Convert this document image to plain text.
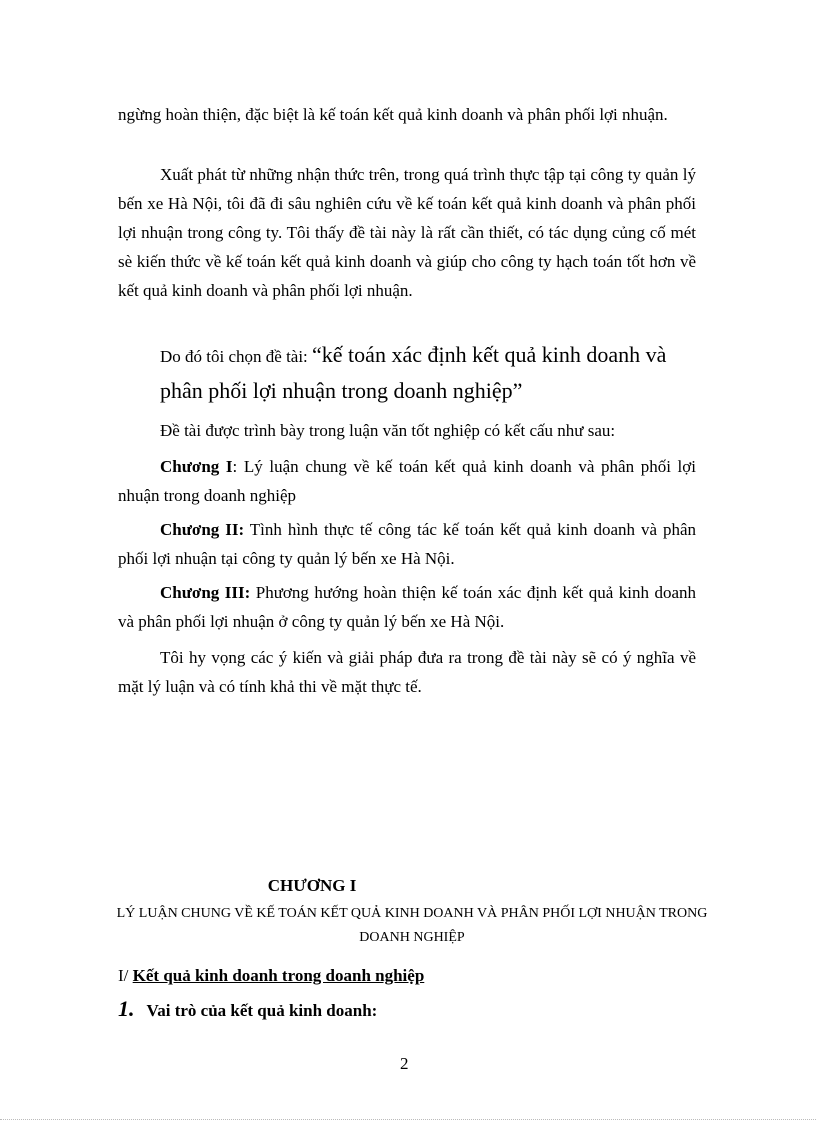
ngừng hoàn thiện, đặc biệt là kế toán kết quả kinh doanh và phân phối lợi nhuận.

Xuất phát từ những nhận thức trên, trong quá trình thực tập tại công ty quản lý bến xe Hà Nội, tôi đã đi sâu nghiên cứu về kế toán kết quả kinh doanh và phân phối lợi nhuận trong công ty. Tôi thấy đề tài này là rất cần thiết, có tác dụng củng cố mét sè kiến thức về kế toán kết quả kinh doanh và giúp cho công ty hạch toán tốt hơn về kết quả kinh doanh và phân phối lợi nhuận.

Do đó tôi chọn đề tài: “kế toán xác định kết quả kinh doanh và phân phối lợi nhuận trong doanh nghiệp”

Đề tài được trình bày trong luận văn tốt nghiệp có kết cấu như sau:

Chương I: Lý luận chung về kế toán kết quả kinh doanh và phân phối lợi nhuận trong doanh nghiệp

Chương II: Tình hình thực tế công tác kế toán kết quả kinh doanh và phân phối lợi nhuận tại công ty quản lý bến xe Hà Nội.

Chương III: Phương hướng hoàn thiện kế toán xác định kết quả kinh doanh và phân phối lợi nhuận ở công ty quản lý bến xe Hà Nội.

Tôi hy vọng các ý kiến và giải pháp đưa ra trong đề tài này sẽ có ý nghĩa về mặt lý luận và có tính khả thi về mặt thực tế.

CHƯƠNG I

LÝ LUẬN CHUNG VỀ KẾ TOÁN KẾT QUẢ KINH DOANH VÀ PHÂN PHỐI LỢI NHUẬN TRONG DOANH NGHIỆP

I/ Kết quả kinh doanh trong doanh nghiệp

1. Vai trò của kết quả kinh doanh:

2
